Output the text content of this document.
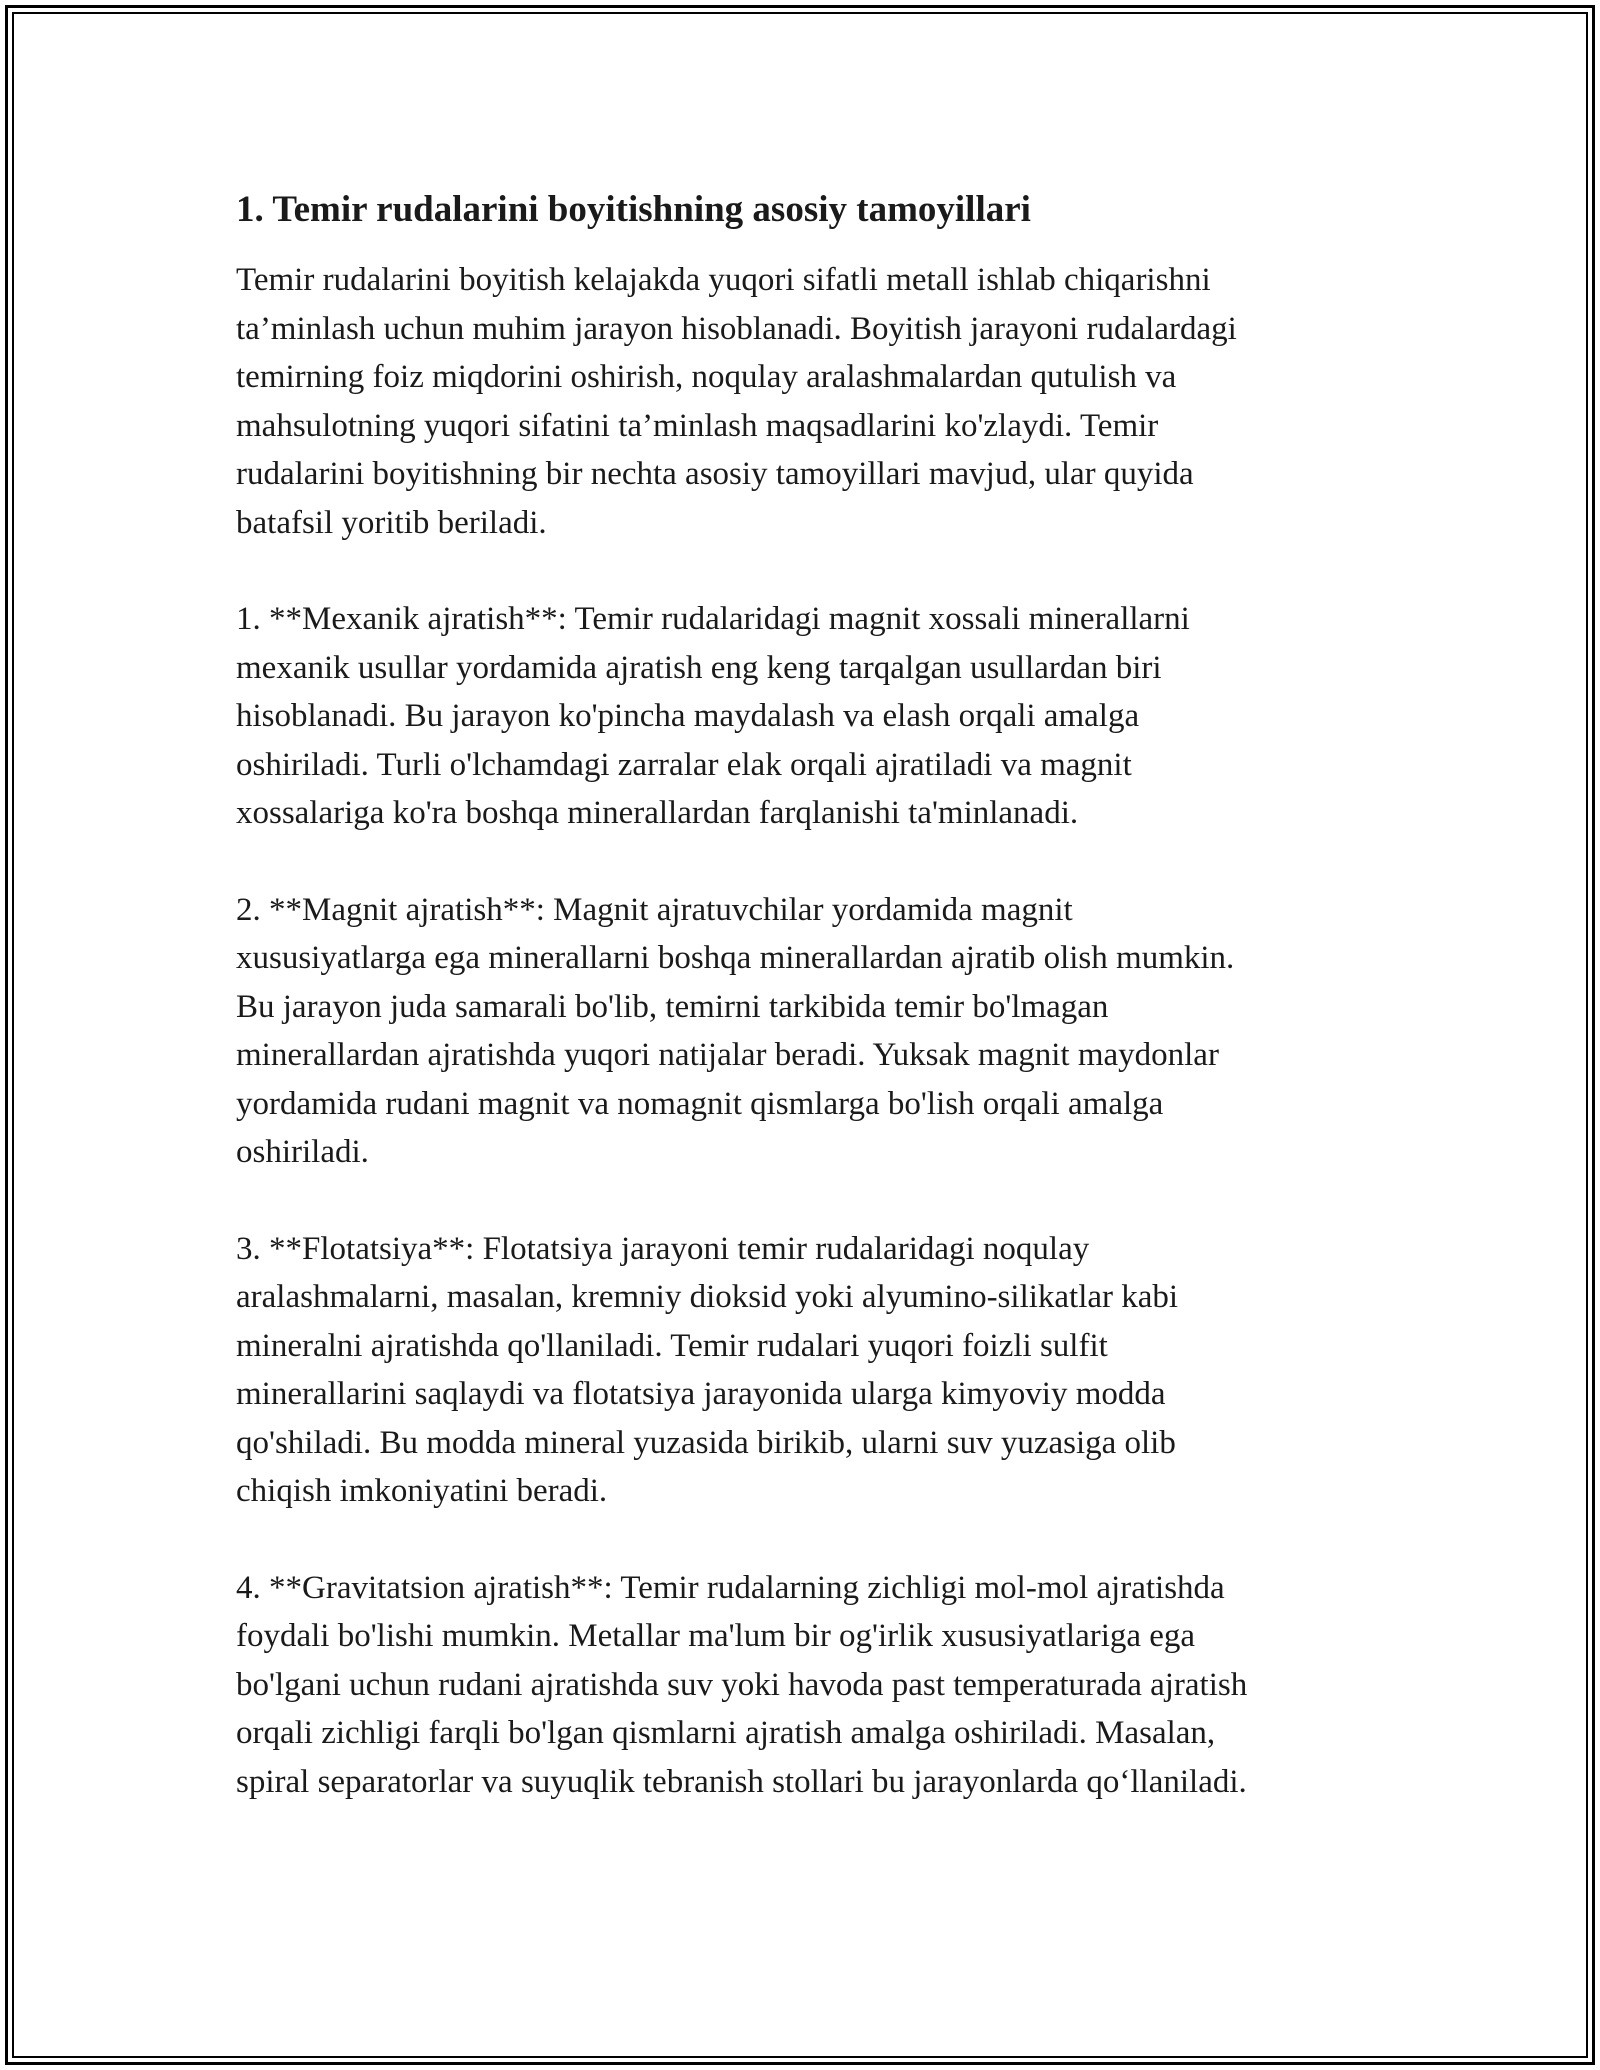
1. Temir rudalarini boyitishning asosiy tamoyillari

Temir rudalarini boyitish kelajakda yuqori sifatli metall ishlab chiqarishni
ta’minlash uchun muhim jarayon hisoblanadi. Boyitish jarayoni rudalardagi
temirning foiz miqdorini oshirish, noqulay aralashmalardan qutulish va
mahsulotning yuqori sifatini ta’minlash maqsadlarini ko'zlaydi. Temir
rudalarini boyitishning bir nechta asosiy tamoyillari mavjud, ular quyida
batafsil yoritib beriladi.

1. **Mexanik ajratish**: Temir rudalaridagi magnit xossali minerallarni
mexanik usullar yordamida ajratish eng keng tarqalgan usullardan biri
hisoblanadi. Bu jarayon ko'pincha maydalash va elash orqali amalga
oshiriladi. Turli o'lchamdagi zarralar elak orqali ajratiladi va magnit
xossalariga ko'ra boshqa minerallardan farqlanishi ta'minlanadi.

2. **Magnit ajratish**: Magnit ajratuvchilar yordamida magnit
xususiyatlarga ega minerallarni boshqa minerallardan ajratib olish mumkin.
Bu jarayon juda samarali bo'lib, temirni tarkibida temir bo'lmagan
minerallardan ajratishda yuqori natijalar beradi. Yuksak magnit maydonlar
yordamida rudani magnit va nomagnit qismlarga bo'lish orqali amalga
oshiriladi.

3. **Flotatsiya**: Flotatsiya jarayoni temir rudalaridagi noqulay
aralashmalarni, masalan, kremniy dioksid yoki alyumino-silikatlar kabi
mineralni ajratishda qo'llaniladi. Temir rudalari yuqori foizli sulfit
minerallarini saqlaydi va flotatsiya jarayonida ularga kimyoviy modda
qo'shiladi. Bu modda mineral yuzasida birikib, ularni suv yuzasiga olib
chiqish imkoniyatini beradi.

4. **Gravitatsion ajratish**: Temir rudalarning zichligi mol-mol ajratishda
foydali bo'lishi mumkin. Metallar ma'lum bir og'irlik xususiyatlariga ega
bo'lgani uchun rudani ajratishda suv yoki havoda past temperaturada ajratish
orqali zichligi farqli bo'lgan qismlarni ajratish amalga oshiriladi. Masalan,
spiral separatorlar va suyuqlik tebranish stollari bu jarayonlarda qo‘llaniladi.
